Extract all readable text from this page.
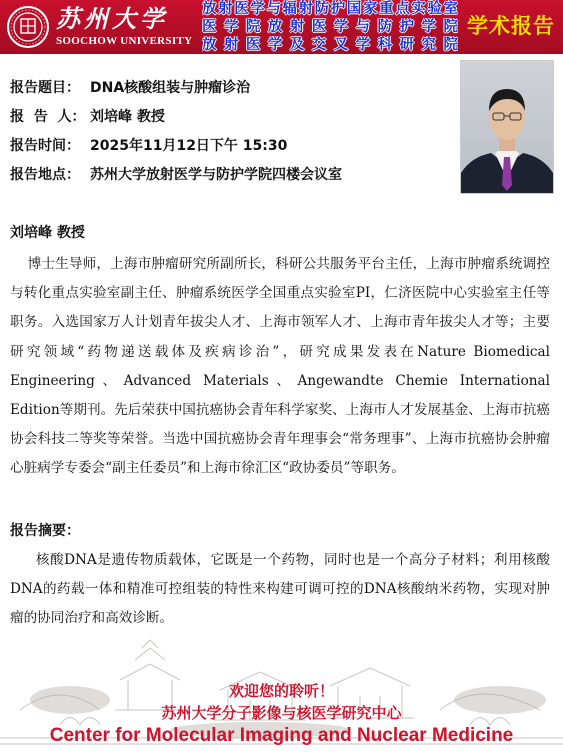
苏州大学
SOOCHOW UNIVERSITY
放射医学与辐射防护国家重点实验室
医学院放射医学与防护学院
放射医学及交叉学科研究院
学术报告
报告题目： DNA核酸组装与肿瘤诊治
报  告  人： 刘培峰 教授
报告时间： 2025年11月12日下午 15:30
报告地点： 苏州大学放射医学与防护学院四楼会议室
刘培峰 教授

博士生导师，上海市肿瘤研究所副所长，科研公共服务平台主任，上海市肿瘤系统调控与转化重点实验室副主任、肿瘤系统医学全国重点实验室PI，仁济医院中心实验室主任等职务。入选国家万人计划青年拔尖人才、上海市领军人才、上海市青年拔尖人才等；主要研究领域“药物递送载体及疾病诊治”，研究成果发表在Nature Biomedical Engineering、Advanced Materials、Angewandte Chemie International Edition等期刊。先后荣获中国抗癌协会青年科学家奖、上海市人才发展基金、上海市抗癌协会科技二等奖等荣誉。当选中国抗癌协会青年理事会“常务理事”、上海市抗癌协会肿瘤心脏病学专委会“副主任委员”和上海市徐汇区“政协委员”等职务。

报告摘要：

核酸DNA是遗传物质载体，它既是一个药物，同时也是一个高分子材料；利用核酸DNA的药载一体和精准可控组装的特性来构建可调可控的DNA核酸纳米药物，实现对肿瘤的协同治疗和高效诊断。

欢迎您的聆听！
苏州大学分子影像与核医学研究中心
Center for Molecular Imaging and Nuclear Medicine
